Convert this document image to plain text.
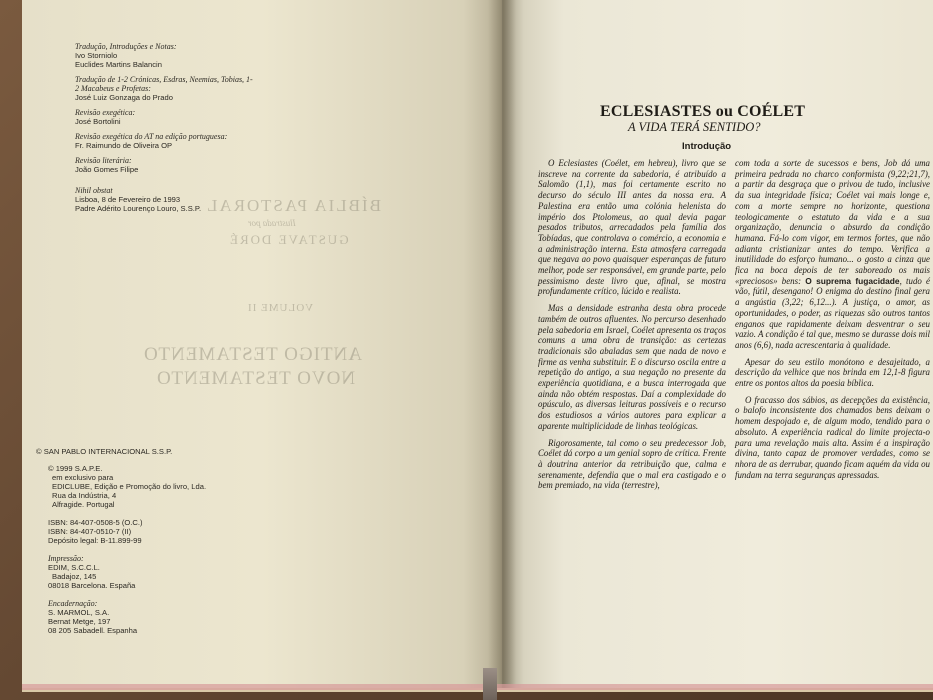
Tradução, Introduções e Notas:
Ivo Storniolo
Euclides Martins Balancin
Tradução de 1-2 Crónicas, Esdras, Neemias, Tobias, 1-2 Macabeus e Profetas:
José Luiz Gonzaga do Prado
Revisão exegética:
José Bortolini
Revisão exegética do AT na edição portuguesa:
Fr. Raimundo de Oliveira OP
Revisão literária:
João Gomes Filipe
Nihil obstat
Lisboa, 8 de Fevereiro de 1993
Padre Adérito Lourenço Louro, S.S.P. BÍBLIA PASTORAL
Ilustrada por
GUSTAVE DORÉ
VOLUME II
ANTIGO TESTAMENTO
NOVO TESTAMENTO
© SAN PABLO INTERNACIONAL S.S.P.
© 1999 S.A.P.E.
em exclusivo para
EDICLUBE, Edição e Promoção do livro, Lda.
Rua da Indústria, 4
Alfragide. Portugal
ISBN: 84-407-0508-5 (O.C.)
ISBN: 84-407-0510-7 (II)
Depósito legal: B-11.899-99
Impressão:
EDIM, S.C.C.L.
Badajoz, 145
08018 Barcelona. España
Encadernação:
S. MARMOL, S.A.
Bernat Metge, 197
08 205 Sabadell. Espanha
ECLESIASTES ou COÉLET
A VIDA TERÁ SENTIDO?
Introdução

O Eclesiastes (Coélet, em hebreu), livro que se inscreve na corrente da sabedoria, é atribuído a Salomão (1,1), mas foi certamente escrito no decurso do século III antes da nossa era. A Palestina era então uma colónia helenista do império dos Ptolomeus, ao qual devia pagar pesados tributos, arrecadados pela família dos Tobíadas, que controlava o comércio, a economia e a administração interna. Esta atmosfera carregada que negava ao povo quaisquer esperanças de futuro melhor, pode ser responsável, em grande parte, pelo pessimismo deste livro que, afinal, se mostra profundamente crítico, lúcido e realista.

Mas a densidade estranha desta obra procede também de outros afluentes. No percurso desenhado pela sabedoria em Israel, Coélet apresenta os traços comuns a uma obra de transição: as certezas tradicionais são abaladas sem que nada de novo e firme as venha substituir. E o discurso oscila entre a repetição do antigo, a sua negação no presente da experiência quotidiana, e a busca interrogada que ainda não obtém respostas. Daí a complexidade do opúsculo, as diversas leituras possíveis e o recurso dos estudiosos a vários autores para explicar a aparente multiplicidade de linhas teológicas.

Rigorosamente, tal como o seu predecessor Job, Coélet dá corpo a um genial sopro de crítica. Frente à doutrina anterior da retribuição que, calma e serenamente, defendia que o mal era castigado e o bem premiado, na vida (terrestre),

com toda a sorte de sucessos e bens, Job dá uma primeira pedrada no charco conformista (9,22;21,7), a partir da desgraça que o privou de tudo, inclusive da sua integridade física; Coélet vai mais longe e, com a morte sempre no horizonte, questiona teologicamente o estatuto da vida e a sua organização, denuncia o absurdo da condição humana. Fá-lo com vigor, em termos fortes, que não adianta cristianizar antes do tempo. Verifica a inutilidade do esforço humano... o gosto a cinza que fica na boca depois de ter saboreado os mais «preciosos» bens: O suprema fugacidade, tudo é vão, fútil, desengano! O enigma do destino final gera a angústia (3,22; 6,12...). A justiça, o amor, as oportunidades, o poder, as riquezas são outros tantos enganos que rapidamente deixam desventrar o seu vazio. A condição é tal que, mesmo se durasse dois mil anos (6,6), nada acrescentaria à qualidade.

Apesar do seu estilo monótono e desajeitado, a descrição da velhice que nos brinda em 12,1-8 figura entre os pontos altos da poesia bíblica.

O fracasso dos sábios, as decepções da existência, o balofo inconsistente dos chamados bens deixam o homem despojado e, de algum modo, tendido para o absoluto. A experiência radical do limite projecta-o para uma revelação mais alta. Assim é a inspiração divina, tanto capaz de promover verdades, como se nhora de as derrubar, quando ficam aquém da vida ou fundam na terra seguranças apressadas.
